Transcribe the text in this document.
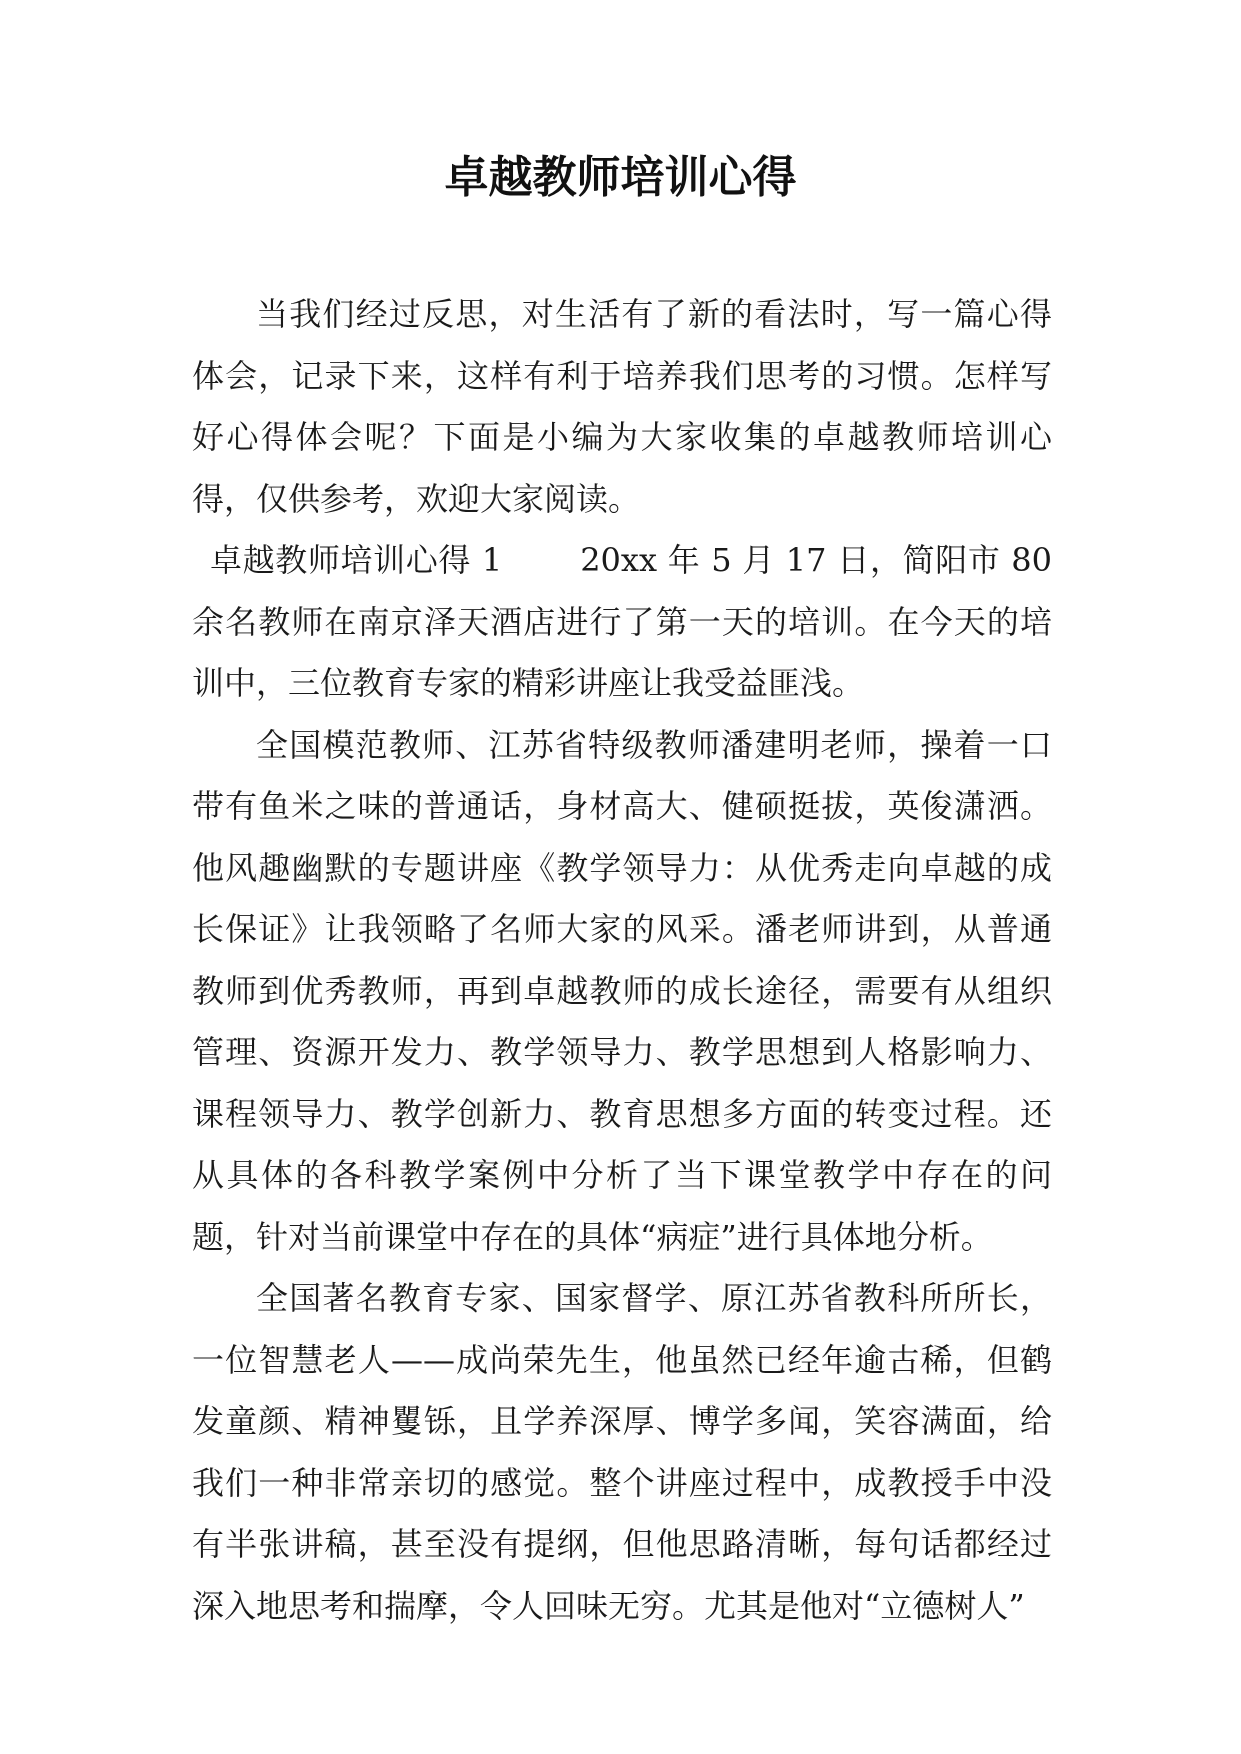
卓越教师培训心得

当我们经过反思，对生活有了新的看法时，写一篇心得体会，记录下来，这样有利于培养我们思考的习惯。怎样写好心得体会呢？下面是小编为大家收集的卓越教师培训心得，仅供参考，欢迎大家阅读。

卓越教师培训心得 1 20xx 年 5 月 17 日，简阳市 80 余名教师在南京泽天酒店进行了第一天的培训。在今天的培训中，三位教育专家的精彩讲座让我受益匪浅。

全国模范教师、江苏省特级教师潘建明老师，操着一口带有鱼米之味的普通话，身材高大、健硕挺拔，英俊潇洒。他风趣幽默的专题讲座《教学领导力：从优秀走向卓越的成长保证》让我领略了名师大家的风采。潘老师讲到，从普通教师到优秀教师，再到卓越教师的成长途径，需要有从组织管理、资源开发力、教学领导力、教学思想到人格影响力、课程领导力、教学创新力、教育思想多方面的转变过程。还从具体的各科教学案例中分析了当下课堂教学中存在的问题，针对当前课堂中存在的具体“病症”进行具体地分析。

全国著名教育专家、国家督学、原江苏省教科所所长，一位智慧老人——成尚荣先生，他虽然已经年逾古稀，但鹤发童颜、精神矍铄，且学养深厚、博学多闻，笑容满面，给我们一种非常亲切的感觉。整个讲座过程中，成教授手中没有半张讲稿，甚至没有提纲，但他思路清晰，每句话都经过深入地思考和揣摩，令人回味无穷。尤其是他对“立德树人”
